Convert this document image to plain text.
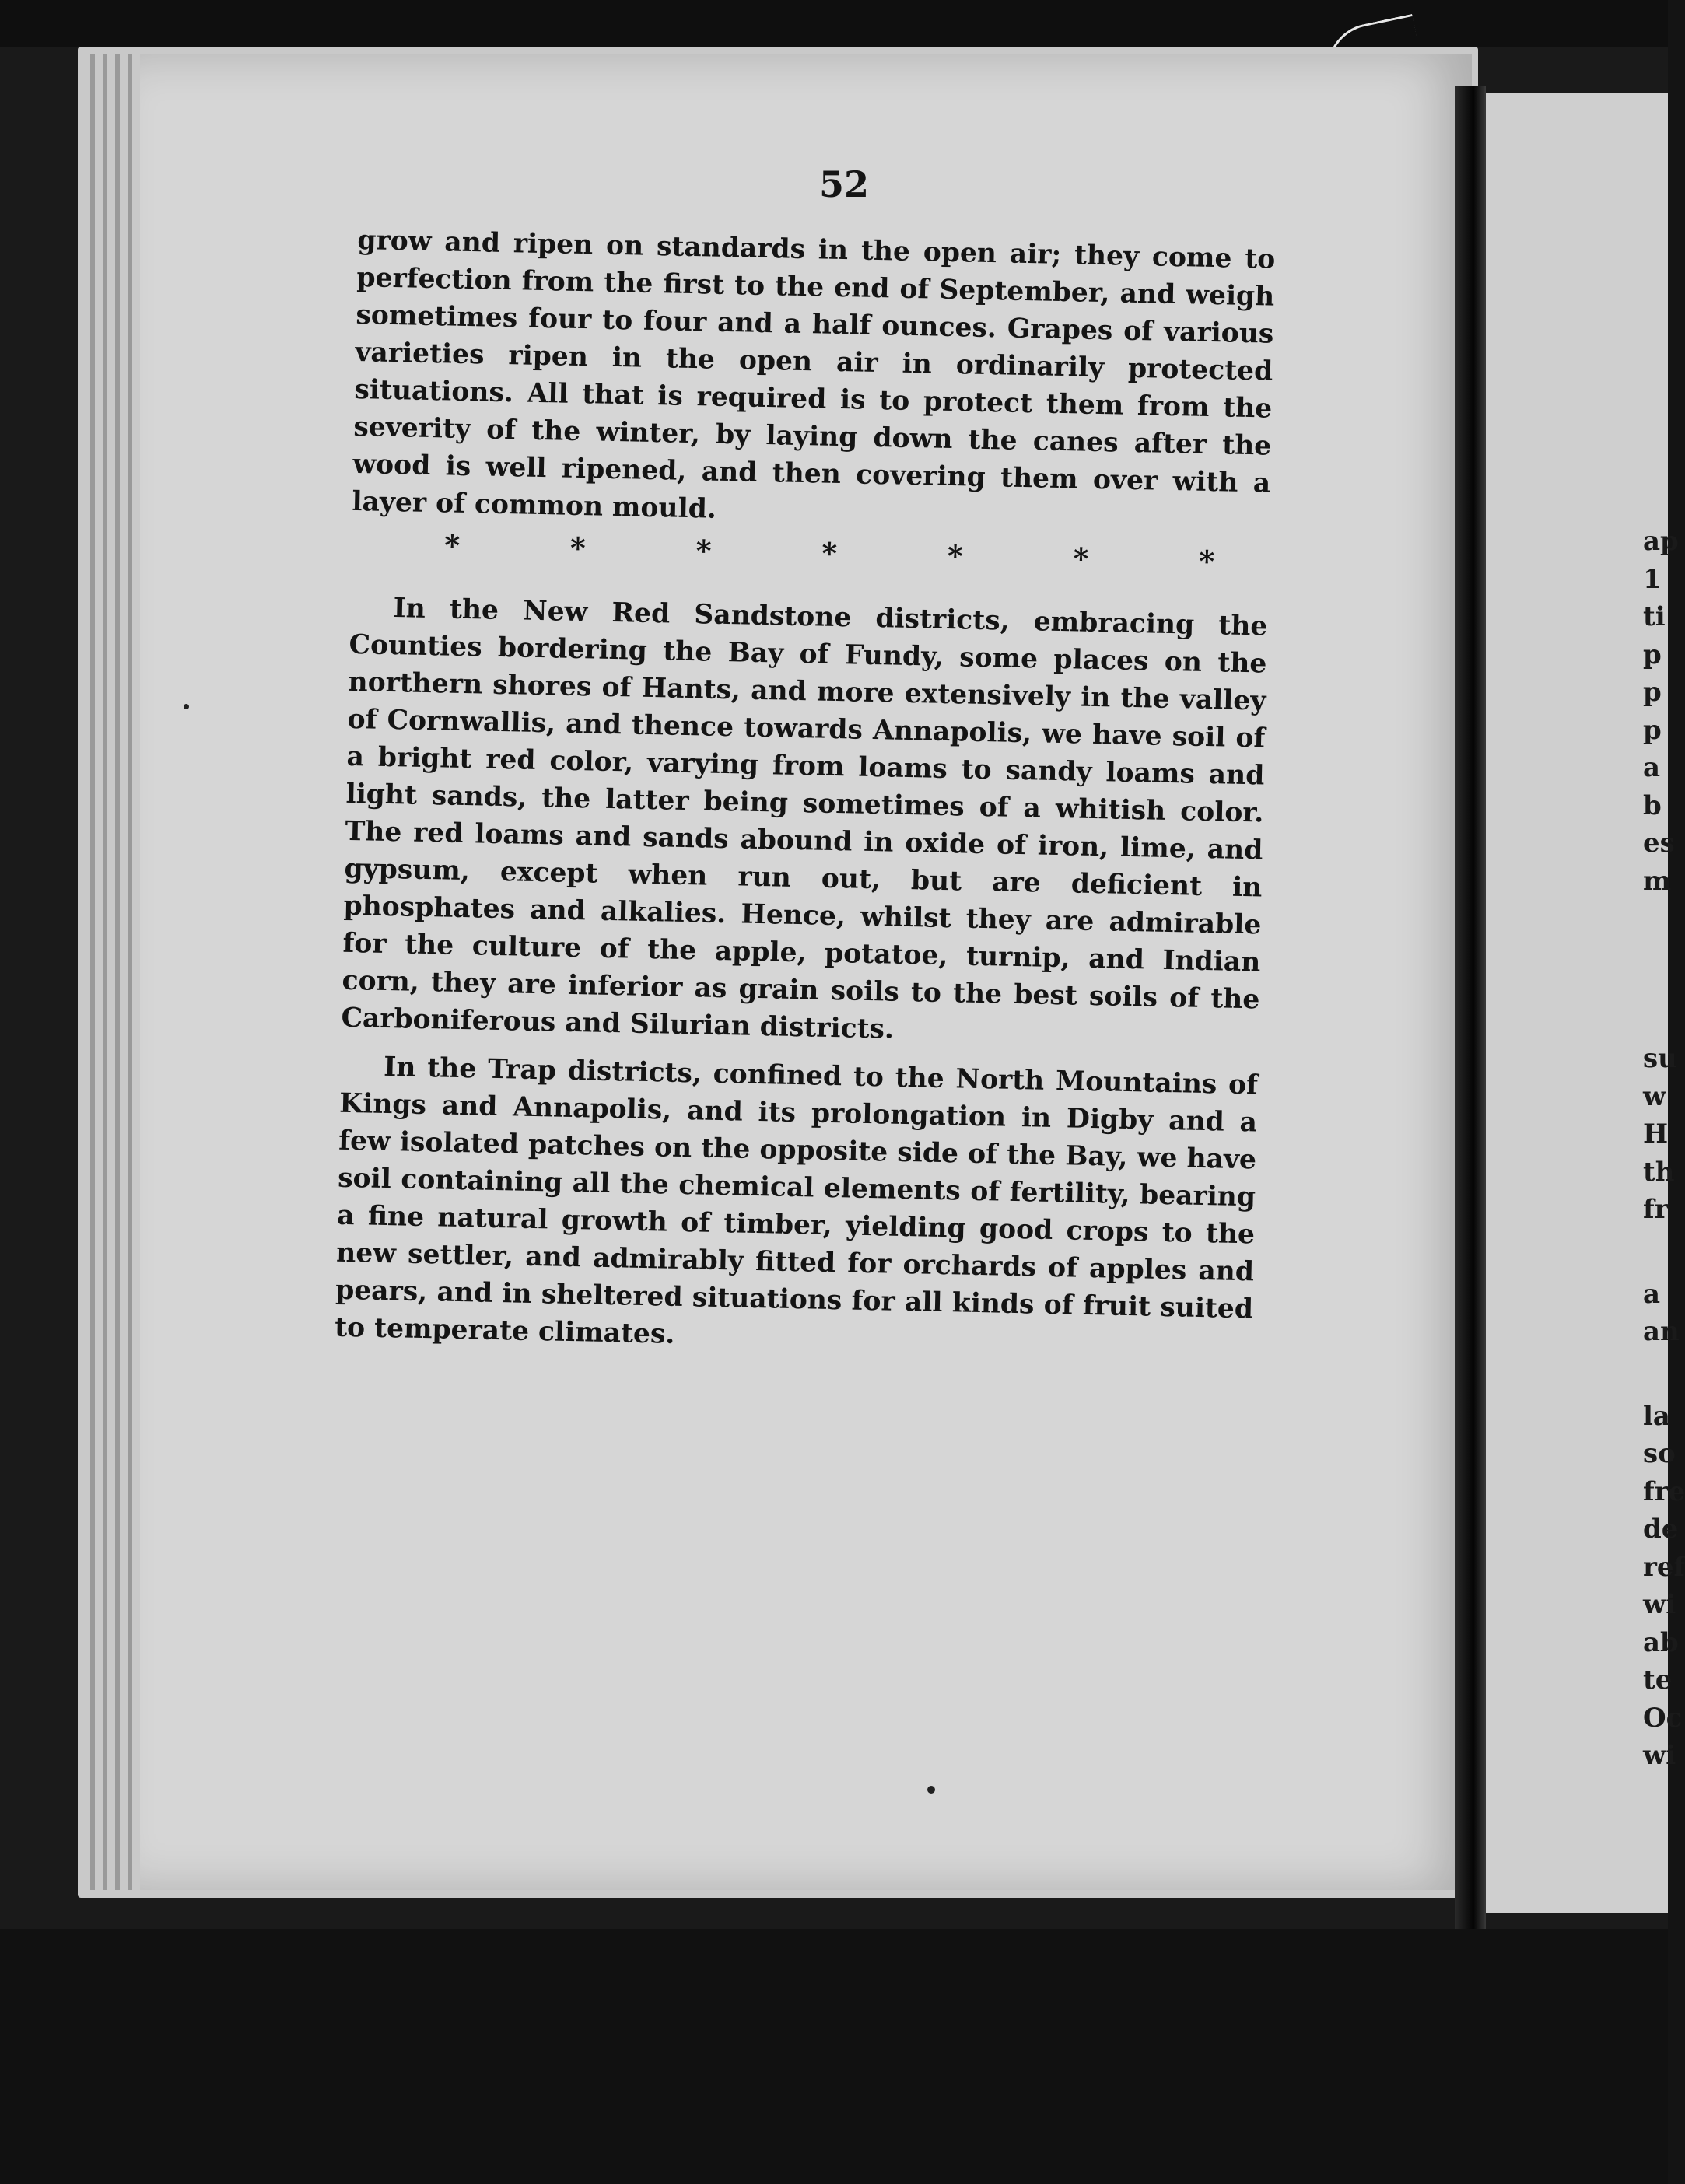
52

grow and ripen on standards in the open air; they come to perfection from the first to the end of September, and weigh sometimes four to four and a half ounces. Grapes of various varieties ripen in the open air in ordinarily protected situations. All that is required is to protect them from the severity of the winter, by laying down the canes after the wood is well ripened, and then covering them over with a layer of common mould.

*	*	*	*	*	*	*

In the New Red Sandstone districts, embracing the Counties bordering the Bay of Fundy, some places on the northern shores of Hants, and more extensively in the valley of Cornwallis, and thence towards Annapolis, we have soil of a bright red color, varying from loams to sandy loams and light sands, the latter being sometimes of a whitish color. The red loams and sands abound in oxide of iron, lime, and gypsum, except when run out, but are deficient in phosphates and alkalies. Hence, whilst they are admirable for the culture of the apple, potatoe, turnip, and Indian corn, they are inferior as grain soils to the best soils of the Carboniferous and Silurian districts.

In the Trap districts, confined to the North Mountains of Kings and Annapolis, and its prolongation in Digby and a few isolated patches on the opposite side of the Bay, we have soil containing all the chemical elements of fertility, bearing a fine natural growth of timber, yielding good crops to the new settler, and admirably fitted for orchards of apples and pears, and in sheltered situations for all kinds of fruit suited to temperate climates.

ap
1
ti
p
p
p
a
b
es
m
su
w
H
th
fr
a
an
la
so
fre
de
ref
wi
ab
te
Oc
wi
